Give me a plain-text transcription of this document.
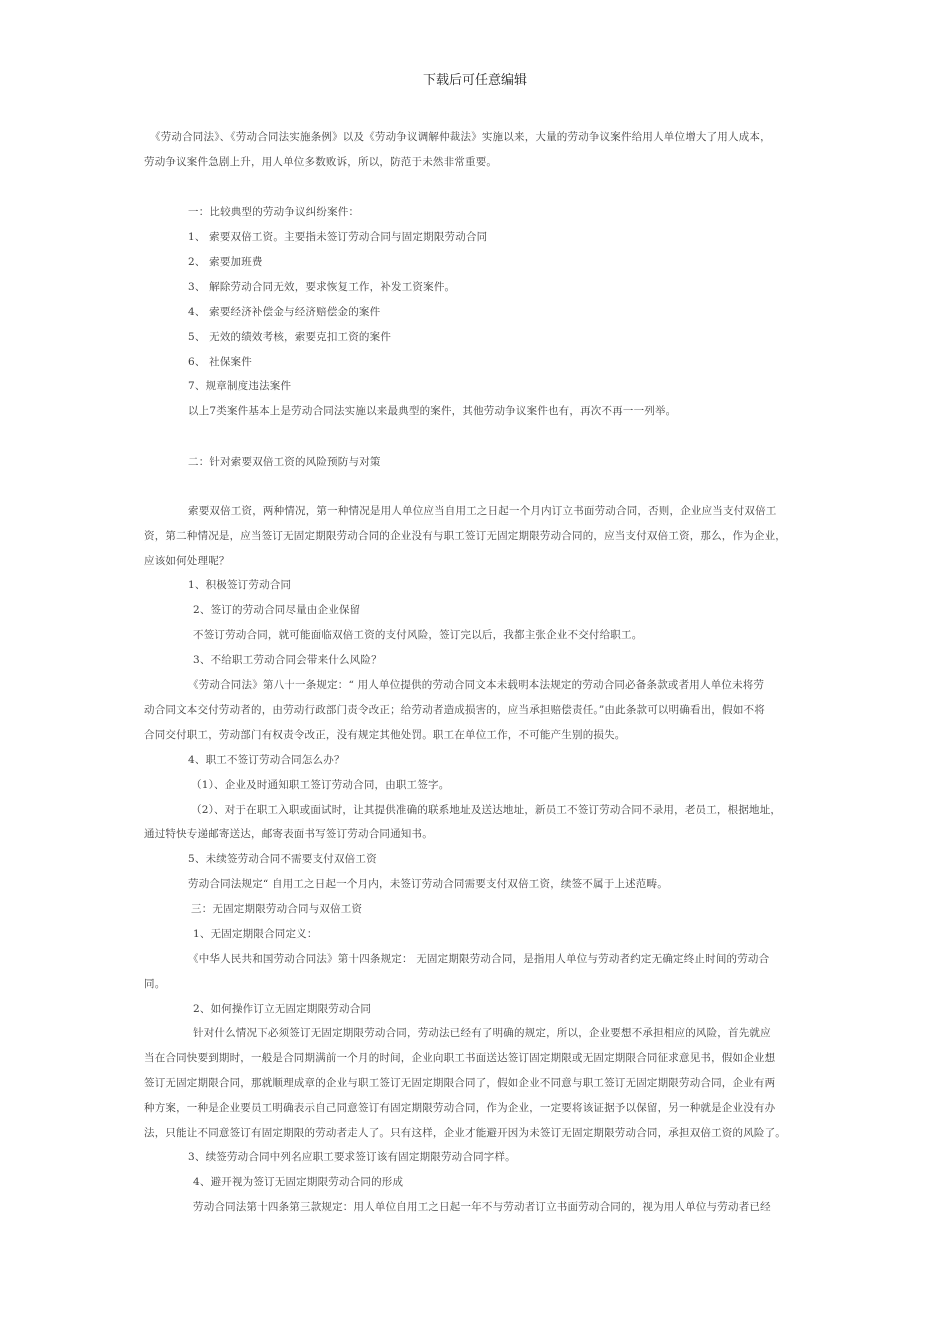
下载后可任意编辑
《劳动合同法》、《劳动合同法实施条例》以及《劳动争议调解仲裁法》实施以来，大量的劳动争议案件给用人单位增大了用人成本，
劳动争议案件急剧上升，用人单位多数败诉，所以，防范于未然非常重要。
一：比较典型的劳动争议纠纷案件：
1、 索要双倍工资。主要指未签订劳动合同与固定期限劳动合同
2、 索要加班费
3、 解除劳动合同无效，要求恢复工作，补发工资案件。
4、 索要经济补偿金与经济赔偿金的案件
5、 无效的绩效考核，索要克扣工资的案件
6、 社保案件
7、规章制度违法案件
以上7类案件基本上是劳动合同法实施以来最典型的案件，其他劳动争议案件也有，再次不再一一列举。
二：针对索要双倍工资的风险预防与对策
索要双倍工资，两种情况，第一种情况是用人单位应当自用工之日起一个月内订立书面劳动合同，否则，企业应当支付双倍工
资，第二种情况是，应当签订无固定期限劳动合同的企业没有与职工签订无固定期限劳动合同的，应当支付双倍工资，那么，作为企业，
应该如何处理呢？
1、积极签订劳动合同
2、签订的劳动合同尽量由企业保留
不签订劳动合同，就可能面临双倍工资的支付风险，签订完以后，我都主张企业不交付给职工。
3、不给职工劳动合同会带来什么风险？
《劳动合同法》第八十一条规定：“ 用人单位提供的劳动合同文本未载明本法规定的劳动合同必备条款或者用人单位未将劳
动合同文本交付劳动者的，由劳动行政部门责令改正；给劳动者造成损害的，应当承担赔偿责任。”由此条款可以明确看出，假如不将
合同交付职工，劳动部门有权责令改正，没有规定其他处罚。职工在单位工作，不可能产生别的损失。
4、职工不签订劳动合同怎么办？
（1）、企业及时通知职工签订劳动合同，由职工签字。
（2）、对于在职工入职或面试时，让其提供准确的联系地址及送达地址，新员工不签订劳动合同不录用，老员工，根据地址，
通过特快专递邮寄送达，邮寄表面书写签订劳动合同通知书。
5、未续签劳动合同不需要支付双倍工资
劳动合同法规定“ 自用工之日起一个月内，未签订劳动合同需要支付双倍工资，续签不属于上述范畴。
三：无固定期限劳动合同与双倍工资
1、无固定期限合同定义：
《中华人民共和国劳动合同法》第十四条规定： 无固定期限劳动合同，是指用人单位与劳动者约定无确定终止时间的劳动合
同。
2、如何操作订立无固定期限劳动合同
针对什么情况下必须签订无固定期限劳动合同，劳动法已经有了明确的规定，所以，企业要想不承担相应的风险，首先就应
当在合同快要到期时，一般是合同期满前一个月的时间，企业向职工书面送达签订固定期限或无固定期限合同征求意见书，假如企业想
签订无固定期限合同，那就顺理成章的企业与职工签订无固定期限合同了，假如企业不同意与职工签订无固定期限劳动合同，企业有两
种方案，一种是企业要员工明确表示自己同意签订有固定期限劳动合同，作为企业，一定要将该证据予以保留，另一种就是企业没有办
法，只能让不同意签订有固定期限的劳动者走人了。只有这样，企业才能避开因为未签订无固定期限劳动合同，承担双倍工资的风险了。
3、续签劳动合同中列名应职工要求签订该有固定期限劳动合同字样。
4、避开视为签订无固定期限劳动合同的形成
劳动合同法第十四条第三款规定：用人单位自用工之日起一年不与劳动者订立书面劳动合同的，视为用人单位与劳动者已经
